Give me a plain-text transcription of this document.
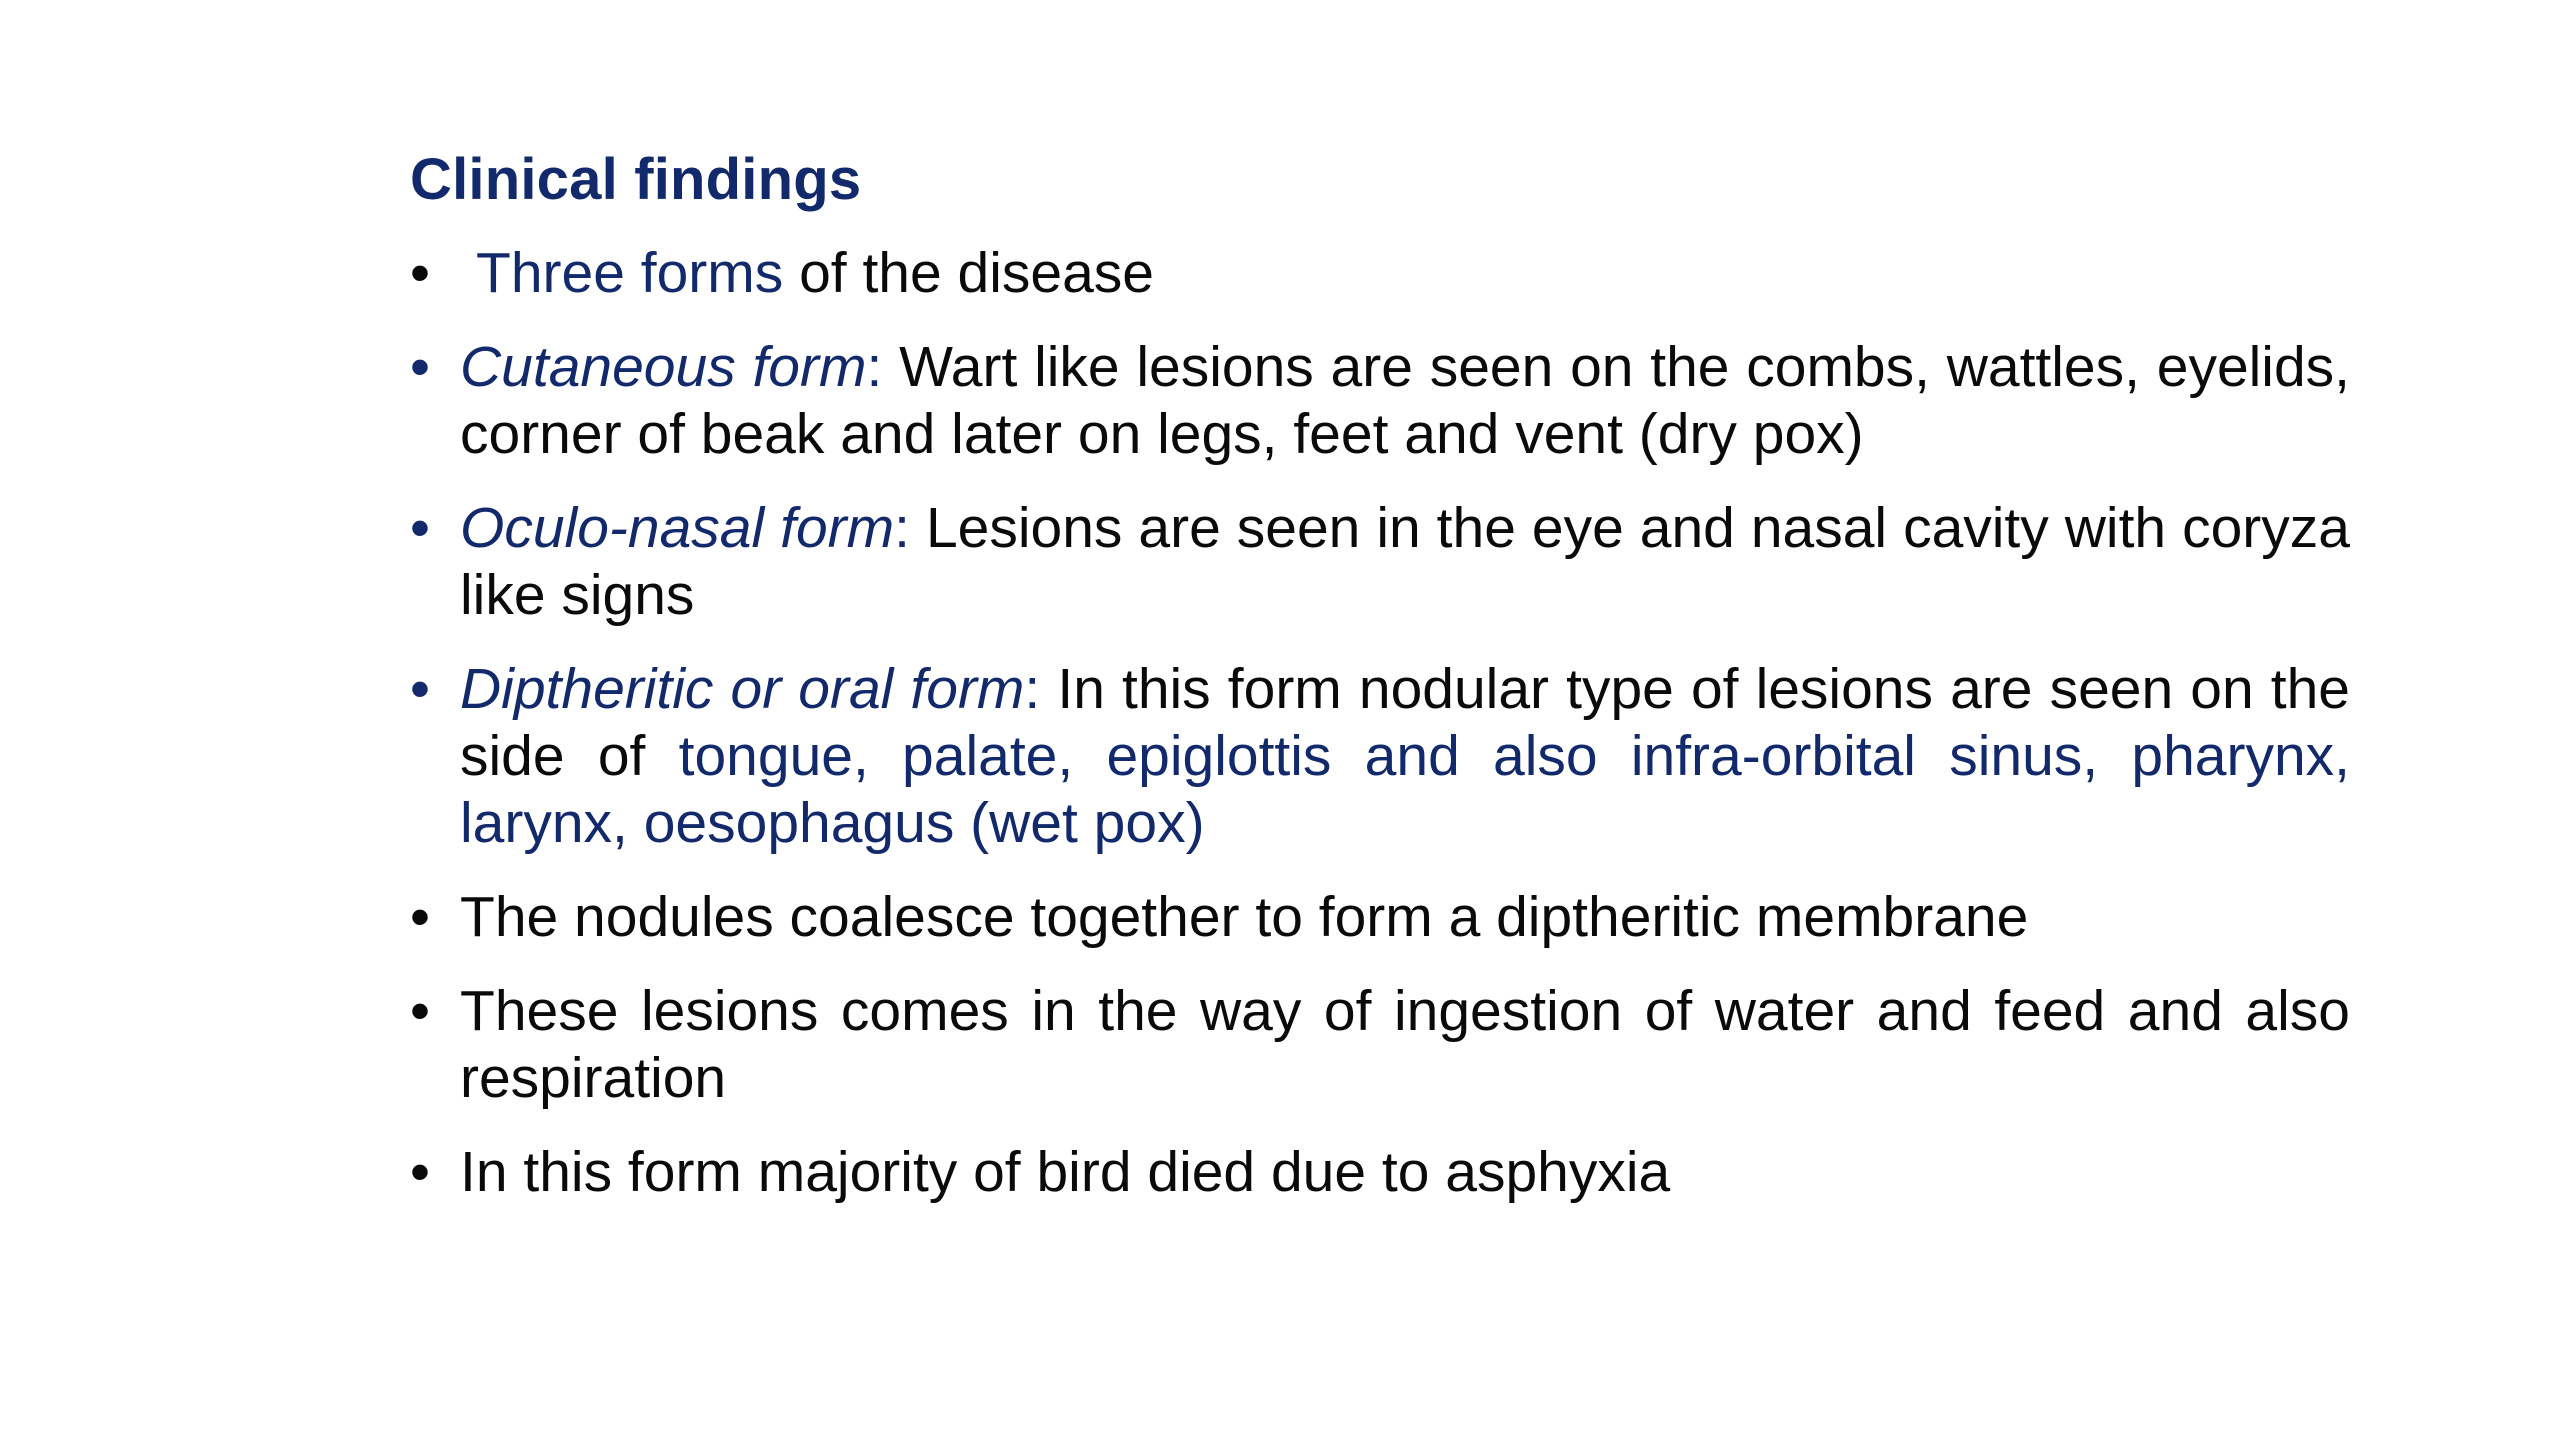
Clinical findings
• Three forms of the disease
• Cutaneous form: Wart like lesions are seen on the combs, wattles, eyelids, corner of beak and later on legs, feet and vent (dry pox)
• Oculo-nasal form: Lesions are seen in the eye and nasal cavity with coryza like signs
• Diptheritic or oral form: In this form nodular type of lesions are seen on the side of tongue, palate, epiglottis and also infra-orbital sinus, pharynx, larynx, oesophagus (wet pox)
• The nodules coalesce together to form a diptheritic membrane
• These lesions comes in the way of ingestion of water and feed and also respiration
• In this form majority of bird died due to asphyxia
